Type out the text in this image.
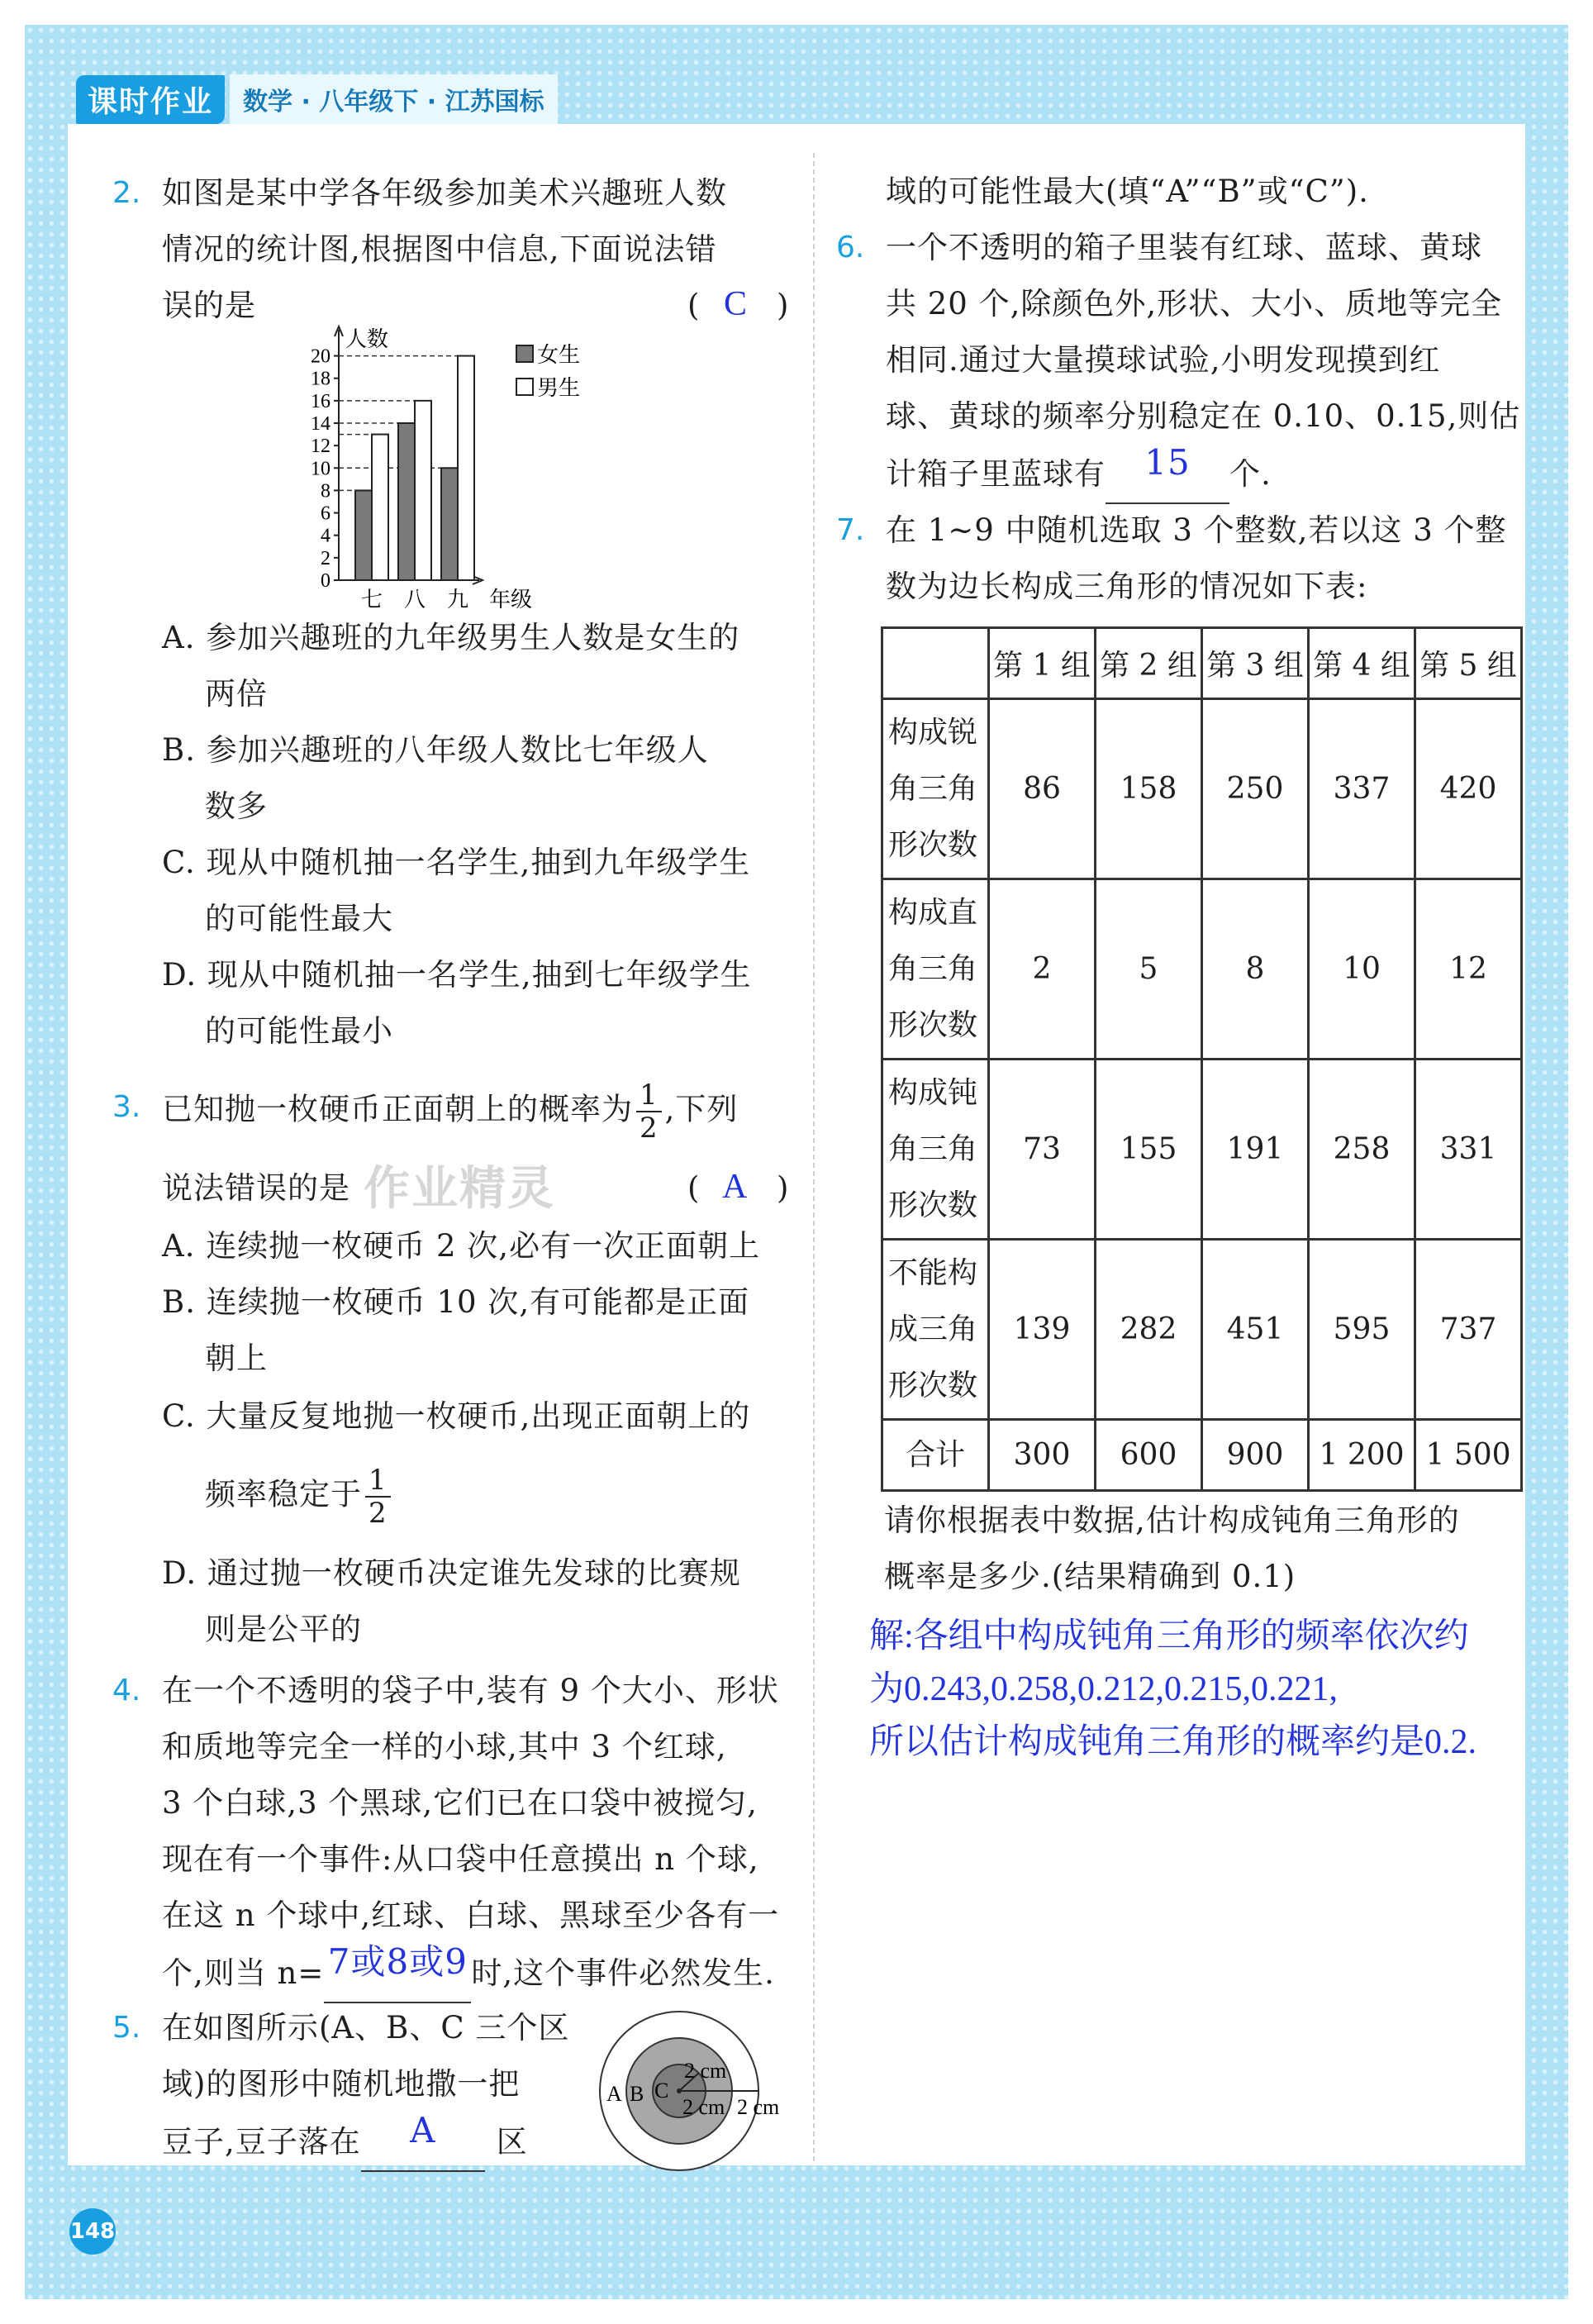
课时作业	数学 · 八年级下 · 江苏国标
2. 如图是某中学各年级参加美术兴趣班人数
情况的统计图,根据图中信息,下面说法错
误的是	( C )
0
2
4
6
8
10
12
14
16
18
20
七 八 九
人数
年级
女生
男生
A. 参加兴趣班的九年级男生人数是女生的
两倍
B. 参加兴趣班的八年级人数比七年级人
数多
C. 现从中随机抽一名学生,抽到九年级学生
的可能性最大
D. 现从中随机抽一名学生,抽到七年级学生
的可能性最小
3. 已知抛一枚硬币正面朝上的概率为 $\frac{1}{2}$ ,下列
说法错误的是 作业精灵	( A )
A. 连续抛一枚硬币 2 次,必有一次正面朝上
B. 连续抛一枚硬币 10 次,有可能都是正面
朝上
C. 大量反复地抛一枚硬币,出现正面朝上的
频率稳定于 $\frac{1}{2}$
D. 通过抛一枚硬币决定谁先发球的比赛规
则是公平的
4. 在一个不透明的袋子中,装有 9 个大小、形状
和质地等完全一样的小球,其中 3 个红球,
3 个白球,3 个黑球,它们已在口袋中被搅匀,
现在有一个事件:从口袋中任意摸出 n 个球,
在这 n 个球中,红球、白球、黑球至少各有一
个,则当 n= 7或8或9 时,这个事件必然发生.
5. 在如图所示(A、B、C 三个区
域)的图形中随机地撒一把
豆子,豆子落在 A 区
A B C
2 cm
2 cm 2 cm
域的可能性最大(填“A”“B”或“C”).
6. 一个不透明的箱子里装有红球、蓝球、黄球
共 20 个,除颜色外,形状、大小、质地等完全
相同.通过大量摸球试验,小明发现摸到红
球、黄球的频率分别稳定在 0.10、0.15,则估
计箱子里蓝球有 15 个.
7. 在 1~9 中随机选取 3 个整数,若以这 3 个整
数为边长构成三角形的情况如下表:
	第 1 组	第 2 组	第 3 组	第 4 组	第 5 组

构成锐
角三角
形次数	86	158	250	337	420

构成直
角三角
形次数	2	5	8	10	12

构成钝
角三角
形次数	73	155	191	258	331

不能构
成三角
形次数	139	282	451	595	737
合计	300	600	900	1 200	1 500
请你根据表中数据,估计构成钝角三角形的
概率是多少.(结果精确到 0.1)
解:各组中构成钝角三角形的频率依次约
为0.243,0.258,0.212,0.215,0.221,
所以估计构成钝角三角形的概率约是0.2.
148
